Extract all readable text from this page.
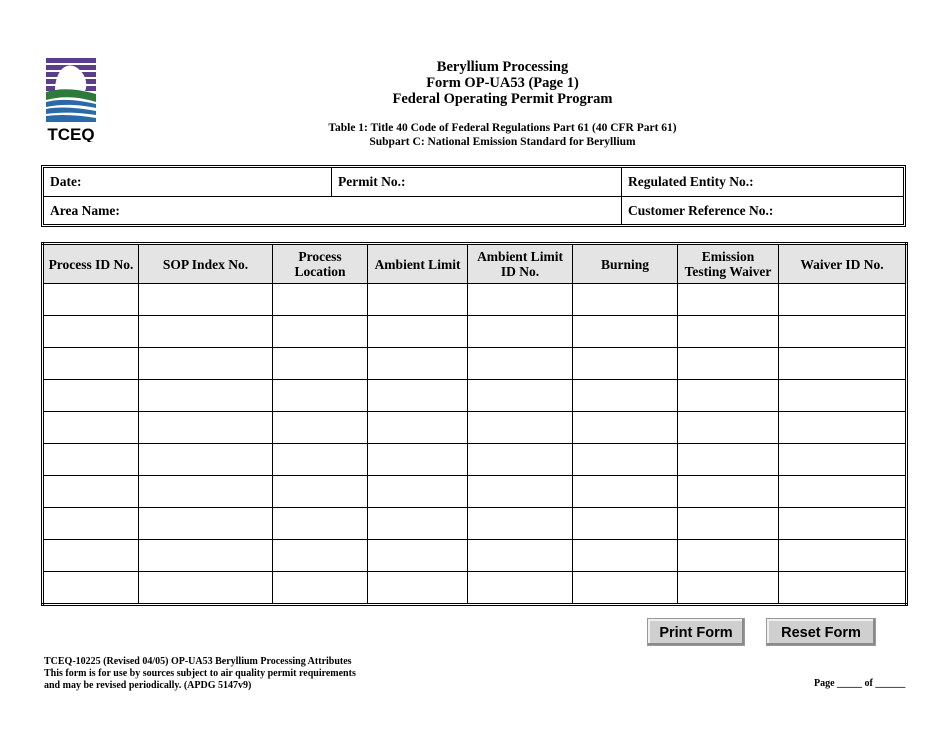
TCEQ
Beryllium Processing
Form OP-UA53 (Page 1)
Federal Operating Permit Program
Table 1: Title 40 Code of Federal Regulations Part 61 (40 CFR Part 61)
Subpart C: National Emission Standard for Beryllium
Date:	Permit No.:	Regulated Entity No.:
Area Name:	Customer Reference No.:
Process ID No.	SOP Index No.	Process Location	Ambient Limit	Ambient Limit ID No.	Burning	Emission Testing Waiver	Waiver ID No.

Print Form	Reset Form
TCEQ-10225 (Revised 04/05) OP-UA53 Beryllium Processing Attributes
This form is for use by sources subject to air quality permit requirements
and may be revised periodically. (APDG 5147v9)	Page _____ of ______
